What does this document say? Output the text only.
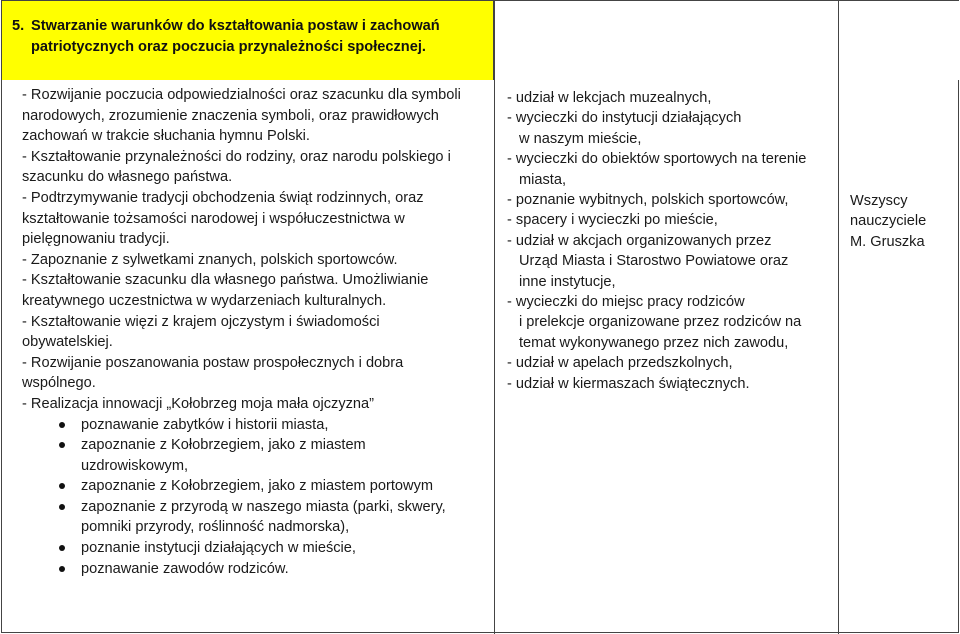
5. Stwarzanie warunków do kształtowania postaw i zachowań
patriotycznych oraz poczucia przynależności społecznej.
- Rozwijanie poczucia odpowiedzialności oraz szacunku dla symboli
narodowych, zrozumienie znaczenia symboli, oraz prawidłowych
zachowań w trakcie słuchania hymnu Polski.
- Kształtowanie przynależności do rodziny, oraz narodu polskiego i
szacunku do własnego państwa.
- Podtrzymywanie tradycji obchodzenia świąt rodzinnych, oraz
kształtowanie tożsamości narodowej i współuczestnictwa w
pielęgnowaniu tradycji.
- Zapoznanie z sylwetkami znanych, polskich sportowców.
- Kształtowanie szacunku dla własnego państwa. Umożliwianie
kreatywnego uczestnictwa w wydarzeniach kulturalnych.
- Kształtowanie więzi z krajem ojczystym i świadomości
obywatelskiej.
- Rozwijanie poszanowania postaw prospołecznych i dobra
wspólnego.
- Realizacja innowacji „Kołobrzeg moja mała ojczyzna”
poznawanie zabytków i historii miasta,
zapoznanie z Kołobrzegiem, jako z miastem
uzdrowiskowym,
zapoznanie z Kołobrzegiem, jako z miastem portowym
zapoznanie z przyrodą w naszego miasta (parki, skwery,
pomniki przyrody, roślinność nadmorska),
poznanie instytucji działających w mieście,
poznawanie zawodów rodziców.
- udział w lekcjach muzealnych,
- wycieczki do instytucji działających
w naszym mieście,
- wycieczki do obiektów sportowych na terenie
miasta,
- poznanie wybitnych, polskich sportowców,
- spacery i wycieczki po mieście,
- udział w akcjach organizowanych przez
Urząd Miasta i Starostwo Powiatowe oraz
inne instytucje,
- wycieczki do miejsc pracy rodziców
i prelekcje organizowane przez rodziców na
temat wykonywanego przez nich zawodu,
- udział w apelach przedszkolnych,
- udział w kiermaszach świątecznych.
Wszyscy
nauczyciele
M. Gruszka
